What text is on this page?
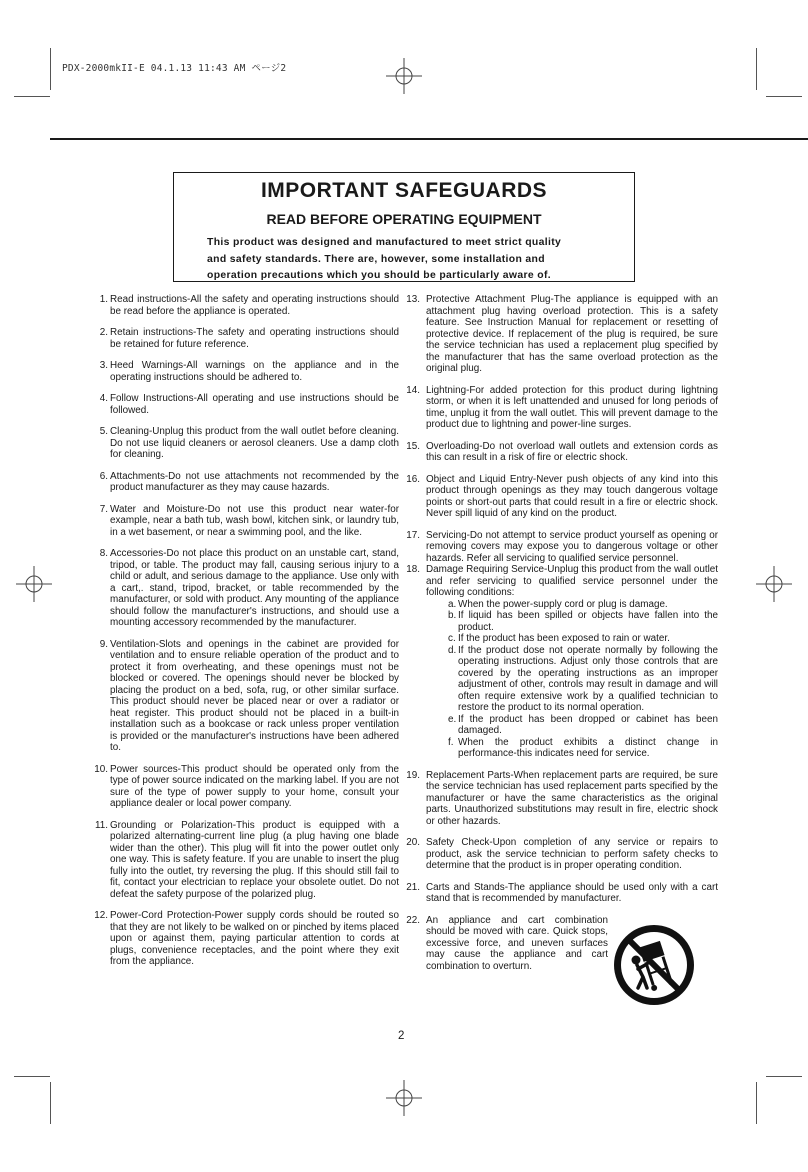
PDX-2000mkII-E 04.1.13 11:43 AM ページ2
IMPORTANT SAFEGUARDS
READ BEFORE OPERATING EQUIPMENT
This product was designed and manufactured to meet strict quality
and safety standards. There are, however, some installation and
operation precautions which you should be particularly aware of.
1. Read instructions-All the safety and operating instructions should be read before the appliance is operated.
2. Retain instructions-The safety and operating instructions should be retained for future reference.
3. Heed Warnings-All warnings on the appliance and in the operating instructions should be adhered to.
4. Follow Instructions-All operating and use instructions should be followed.
5. Cleaning-Unplug this product from the wall outlet before cleaning. Do not use liquid cleaners or aerosol cleaners. Use a damp cloth for cleaning.
6. Attachments-Do not use attachments not recommended by the product manufacturer as they may cause hazards.
7. Water and Moisture-Do not use this product near water-for example, near a bath tub, wash bowl, kitchen sink, or laundry tub, in a wet basement, or near a swimming pool, and the like.
8. Accessories-Do not place this product on an unstable cart, stand, tripod, or table. The product may fall, causing serious injury to a child or adult, and serious damage to the appliance. Use only with a cart,. stand, tripod, bracket, or table recommended by the manufacturer, or sold with product. Any mounting of the appliance should follow the manufacturer's instructions, and should use a mounting accessory recommended by the manufacturer.
9. Ventilation-Slots and openings in the cabinet are provided for ventilation and to ensure reliable operation of the product and to protect it from overheating, and these openings must not be blocked or covered. The openings should never be blocked by placing the product on a bed, sofa, rug, or other similar surface. This product should never be placed near or over a radiator or heat register. This product should not be placed in a built-in installation such as a bookcase or rack unless proper ventilation is provided or the manufacturer's instructions have been adhered to.
10. Power sources-This product should be operated only from the type of power source indicated on the marking label. If you are not sure of the type of power supply to your home, consult your appliance dealer or local power company.
11. Grounding or Polarization-This product is equipped with a polarized alternating-current line plug (a plug having one blade wider than the other). This plug will fit into the power outlet only one way. This is safety feature. If you are unable to insert the plug fully into the outlet, try reversing the plug. If this should still fail to fit, contact your electrician to replace your obsolete outlet. Do not defeat the safety purpose of the polarized plug.
12. Power-Cord Protection-Power supply cords should be routed so that they are not likely to be walked on or pinched by items placed upon or against them, paying particular attention to cords at plugs, convenience receptacles, and the point where they exit from the appliance.
13. Protective Attachment Plug-The appliance is equipped with an attachment plug having overload protection. This is a safety feature. See Instruction Manual for replacement or resetting of protective device. If replacement of the plug is required, be sure the service technician has used a replacement plug specified by the manufacturer that has the same overload protection as the original plug.
14. Lightning-For added protection for this product during lightning storm, or when it is left unattended and unused for long periods of time, unplug it from the wall outlet. This will prevent damage to the product due to lightning and power-line surges.
15. Overloading-Do not overload wall outlets and extension cords as this can result in a risk of fire or electric shock.
16. Object and Liquid Entry-Never push objects of any kind into this product through openings as they may touch dangerous voltage points or short-out parts that could result in a fire or electric shock. Never spill liquid of any kind on the product.
17. Servicing-Do not attempt to service product yourself as opening or removing covers may expose you to dangerous voltage or other hazards. Refer all servicing to qualified service personnel.
18. Damage Requiring Service-Unplug this product from the wall outlet and refer servicing to qualified service personnel under the following conditions:
a. When the power-supply cord or plug is damage.
b. If liquid has been spilled or objects have fallen into the product.
c. If the product has been exposed to rain or water.
d. If the product dose not operate normally by following the operating instructions. Adjust only those controls that are covered by the operating instructions as an improper adjustment of other, controls may result in damage and will often require extensive work by a qualified technician to restore the product to its normal operation.
e. If the product has been dropped or cabinet has been damaged.
f. When the product exhibits a distinct change in performance-this indicates need for service.
19. Replacement Parts-When replacement parts are required, be sure the service technician has used replacement parts specified by the manufacturer or have the same characteristics as the original parts. Unauthorized substitutions may result in fire, electric shock or other hazards.
20. Safety Check-Upon completion of any service or repairs to product, ask the service technician to perform safety checks to determine that the product is in proper operating condition.
21. Carts and Stands-The appliance should be used only with a cart stand that is recommended by manufacturer.
22. An appliance and cart combination should be moved with care. Quick stops, excessive force, and uneven surfaces may cause the appliance and cart combination to overturn.
2
